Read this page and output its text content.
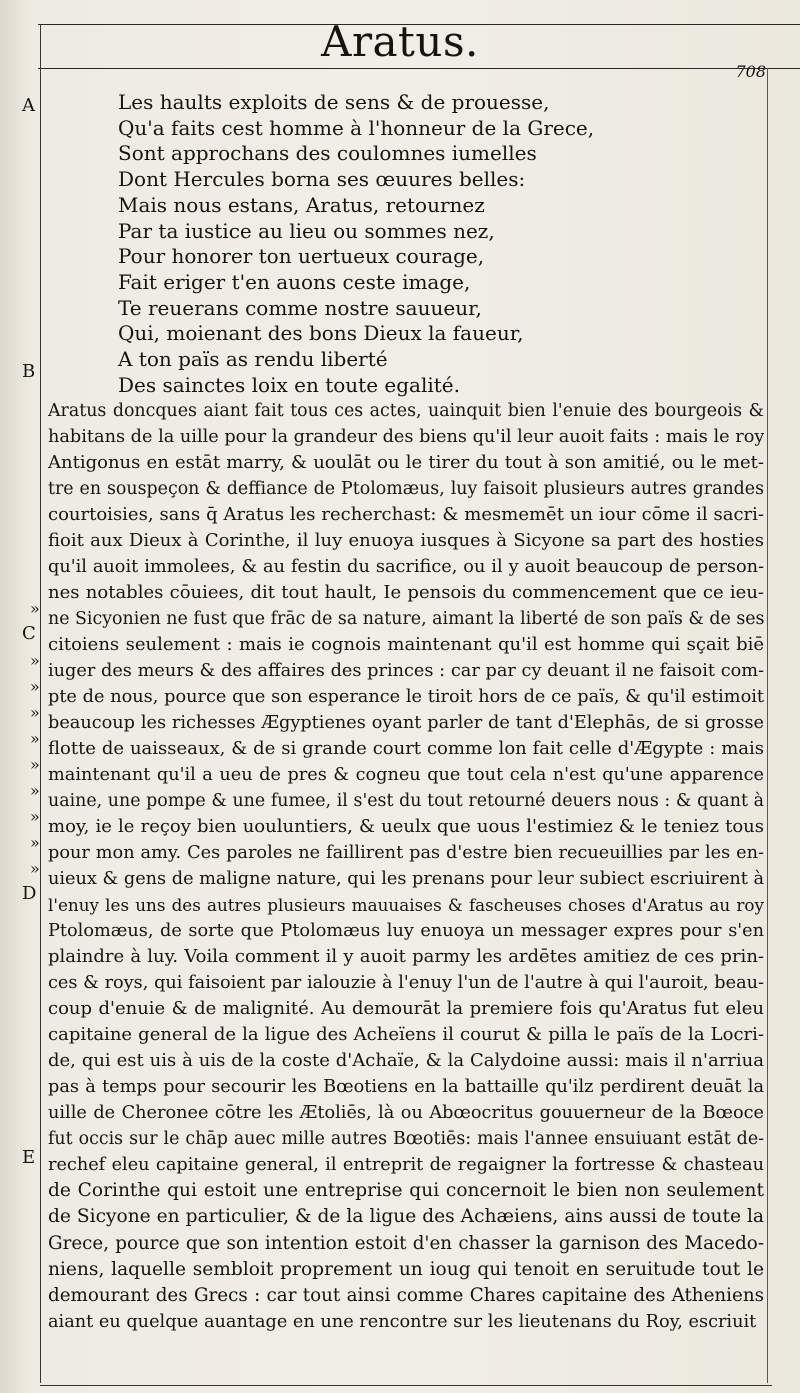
Aratus.
708
A
B
C
D
E
»
»
»
»
»
»
»
»
»
»
Les haults exploits de sens & de prouesse,
Qu'a faits cest homme à l'honneur de la Grece,
Sont approchans des coulomnes iumelles
Dont Hercules borna ses œuures belles:
Mais nous estans, Aratus, retournez
Par ta iustice au lieu ou sommes nez,
Pour honorer ton uertueux courage,
Fait eriger t'en auons ceste image,
Te reuerans comme nostre sauueur,
Qui, moienant des bons Dieux la faueur,
A ton païs as rendu liberté
Des sainctes loix en toute egalité.
Aratus doncques aiant fait tous ces actes, uainquit bien l'enuie des bourgeois &
habitans de la uille pour la grandeur des biens qu'il leur auoit faits : mais le roy
Antigonus en estāt marry, & uoulāt ou le tirer du tout à son amitié, ou le met-
tre en souspeçon & deffiance de Ptolomæus, luy faisoit plusieurs autres grandes
courtoisies, sans q̄ Aratus les recherchast: & mesmemēt un iour cōme il sacri-
fioit aux Dieux à Corinthe, il luy enuoya iusques à Sicyone sa part des hosties
qu'il auoit immolees, & au festin du sacrifice, ou il y auoit beaucoup de person-
nes notables cōuiees, dit tout hault, Ie pensois du commencement que ce ieu-
ne Sicyonien ne fust que frāc de sa nature, aimant la liberté de son païs & de ses
citoiens seulement : mais ie cognois maintenant qu'il est homme qui sçait biē
iuger des meurs & des affaires des princes : car par cy deuant il ne faisoit com-
pte de nous, pource que son esperance le tiroit hors de ce païs, & qu'il estimoit
beaucoup les richesses Ægyptienes oyant parler de tant d'Elephās, de si grosse
flotte de uaisseaux, & de si grande court comme lon fait celle d'Ægypte : mais
maintenant qu'il a ueu de pres & cogneu que tout cela n'est qu'une apparence
uaine, une pompe & une fumee, il s'est du tout retourné deuers nous : & quant à
moy, ie le reçoy bien uouluntiers, & ueulx que uous l'estimiez & le teniez tous
pour mon amy. Ces paroles ne faillirent pas d'estre bien recueuillies par les en-
uieux & gens de maligne nature, qui les prenans pour leur subiect escriuirent à
l'enuy les uns des autres plusieurs mauuaises & fascheuses choses d'Aratus au roy
Ptolomæus, de sorte que Ptolomæus luy enuoya un messager expres pour s'en
plaindre à luy. Voila comment il y auoit parmy les ardētes amitiez de ces prin-
ces & roys, qui faisoient par ialouzie à l'enuy l'un de l'autre à qui l'auroit, beau-
coup d'enuie & de malignité. Au demourāt la premiere fois qu'Aratus fut eleu
capitaine general de la ligue des Acheïens il courut & pilla le païs de la Locri-
de, qui est uis à uis de la coste d'Achaïe, & la Calydoine aussi: mais il n'arriua
pas à temps pour secourir les Bœotiens en la battaille qu'ilz perdirent deuāt la
uille de Cheronee cōtre les Ætoliēs, là ou Abœocritus gouuerneur de la Bœoce
fut occis sur le chāp auec mille autres Bœotiēs: mais l'annee ensuiuant estāt de-
rechef eleu capitaine general, il entreprit de regaigner la fortresse & chasteau
de Corinthe qui estoit une entreprise qui concernoit le bien non seulement
de Sicyone en particulier, & de la ligue des Achæiens, ains aussi de toute la
Grece, pource que son intention estoit d'en chasser la garnison des Macedo-
niens, laquelle sembloit proprement un ioug qui tenoit en seruitude tout le
demourant des Grecs : car tout ainsi comme Chares capitaine des Atheniens
aiant eu quelque auantage en une rencontre sur les lieutenans du Roy, escriuit
